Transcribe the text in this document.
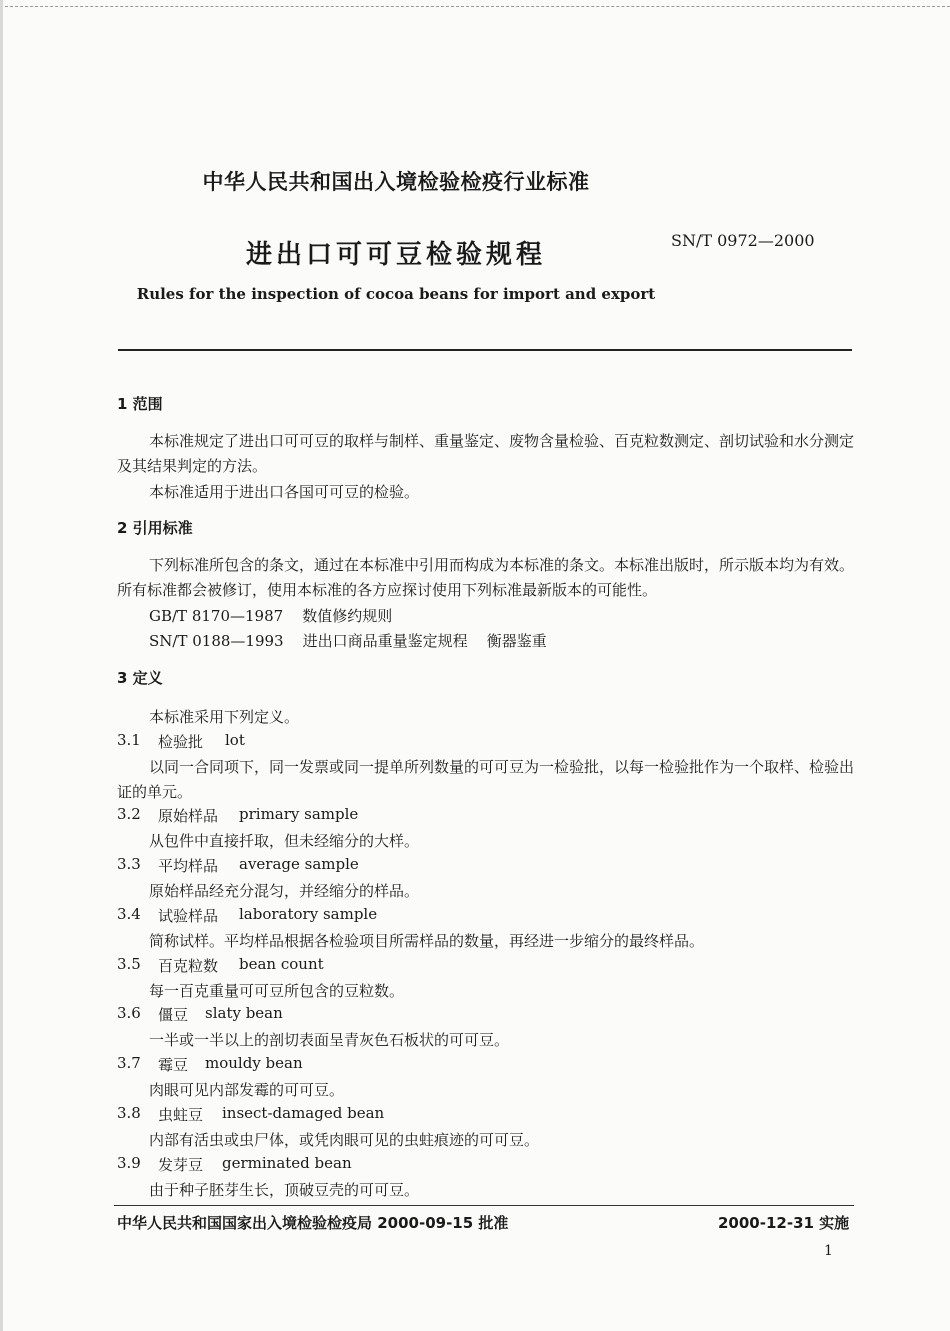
中华人民共和国出入境检验检疫行业标准
进出口可可豆检验规程	SN/T 0972—2000
Rules for the inspection of cocoa beans for import and export
1 范围
本标准规定了进出口可可豆的取样与制样、重量鉴定、废物含量检验、百克粒数测定、剖切试验和水分测定及其结果判定的方法。
本标准适用于进出口各国可可豆的检验。
2 引用标准
下列标准所包含的条文，通过在本标准中引用而构成为本标准的条文。本标准出版时，所示版本均为有效。所有标准都会被修订，使用本标准的各方应探讨使用下列标准最新版本的可能性。
GB/T 8170—1987    数值修约规则
SN/T 0188—1993    进出口商品重量鉴定规程    衡器鉴重
3 定义
本标准采用下列定义。
3.1 检验批 lot
以同一合同项下，同一发票或同一提单所列数量的可可豆为一检验批，以每一检验批作为一个取样、检验出证的单元。
3.2 原始样品 primary sample
从包件中直接扦取，但未经缩分的大样。
3.3 平均样品 average sample
原始样品经充分混匀，并经缩分的样品。
3.4 试验样品 laboratory sample
简称试样。平均样品根据各检验项目所需样品的数量，再经进一步缩分的最终样品。
3.5 百克粒数 bean count
每一百克重量可可豆所包含的豆粒数。
3.6 僵豆 slaty bean
一半或一半以上的剖切表面呈青灰色石板状的可可豆。
3.7 霉豆 mouldy bean
肉眼可见内部发霉的可可豆。
3.8 虫蛀豆 insect-damaged bean
内部有活虫或虫尸体，或凭肉眼可见的虫蛀痕迹的可可豆。
3.9 发芽豆 germinated bean
由于种子胚芽生长，顶破豆壳的可可豆。
中华人民共和国国家出入境检验检疫局 2000-09-15 批准	2000-12-31 实施
1
